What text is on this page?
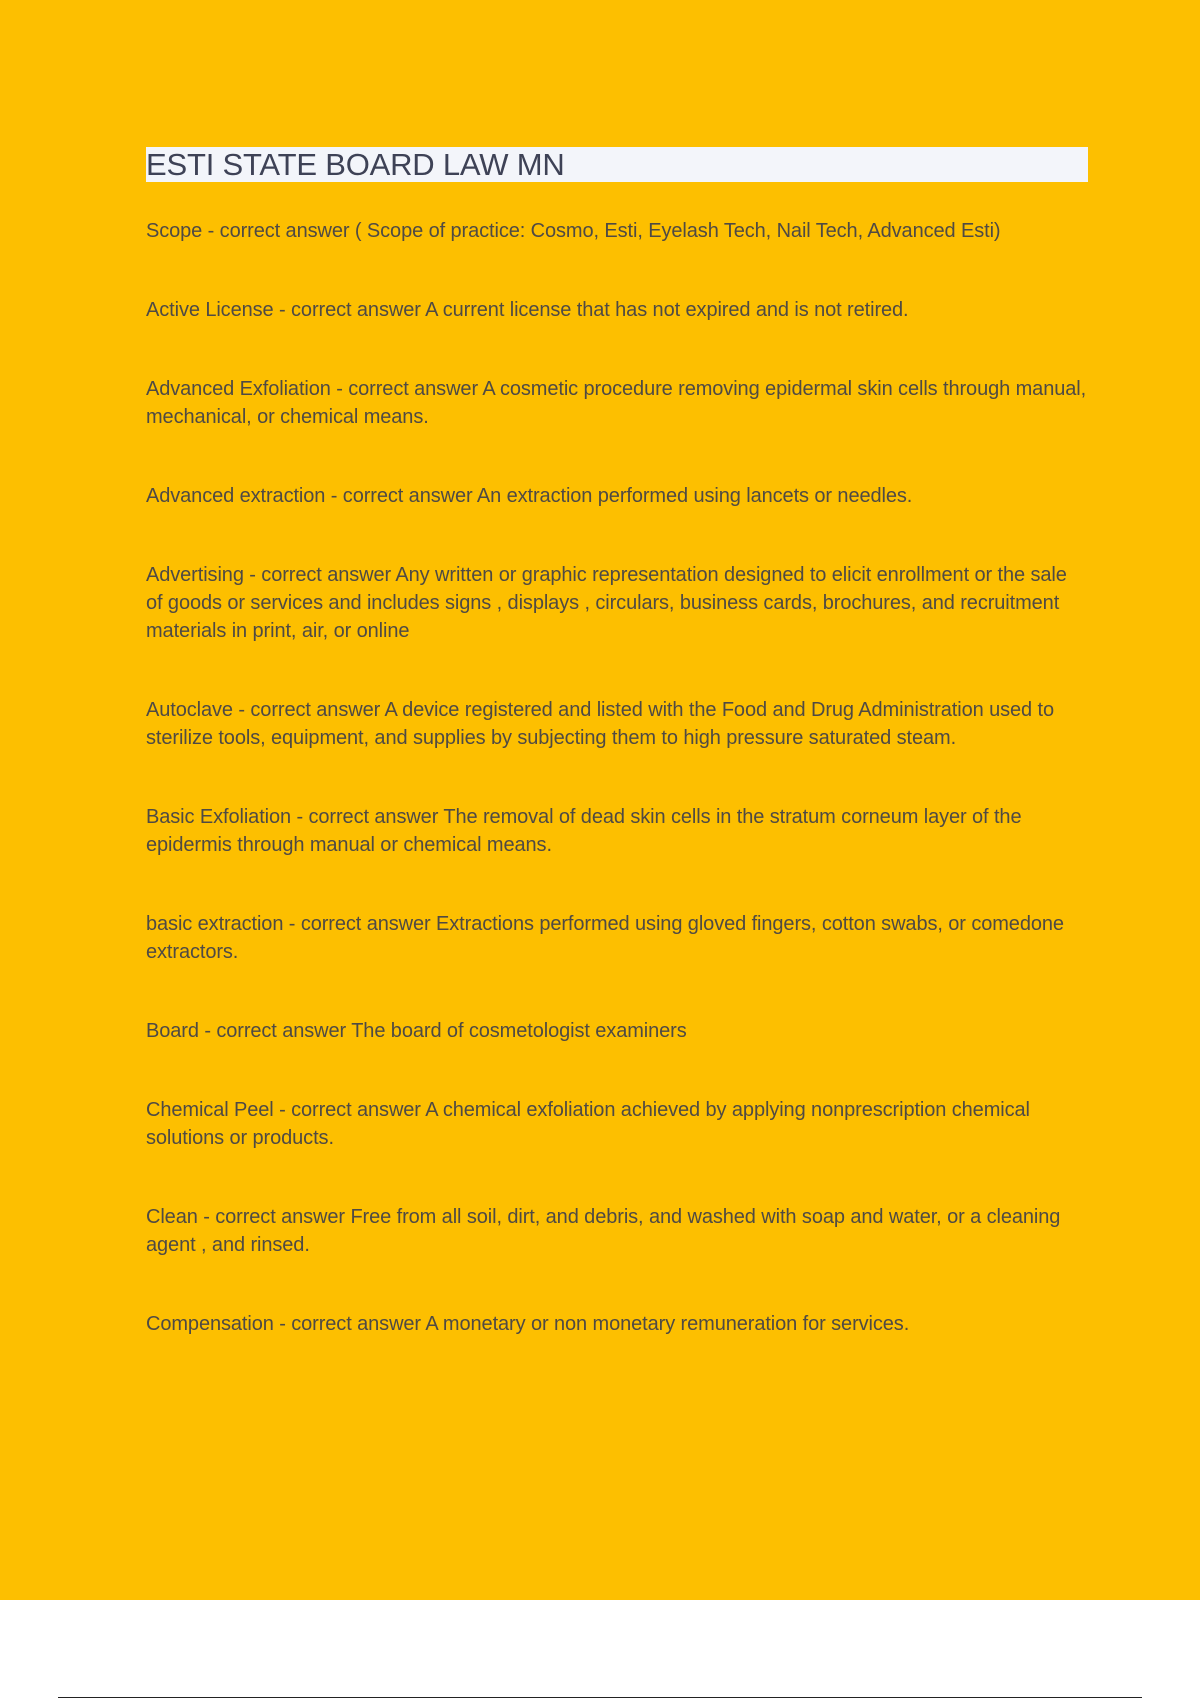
ESTI STATE BOARD LAW MN
Scope - correct answer ( Scope of practice: Cosmo, Esti, Eyelash Tech, Nail Tech, Advanced Esti)
Active License - correct answer A current license that has not expired and is not retired.
Advanced Exfoliation - correct answer A cosmetic procedure removing epidermal skin cells through manual, mechanical, or chemical means.
Advanced extraction - correct answer An extraction performed using lancets or needles.
Advertising - correct answer Any written or graphic representation designed to elicit enrollment or the sale of goods or services and includes signs , displays , circulars, business cards, brochures, and recruitment materials in print, air, or online
Autoclave - correct answer A device registered and listed with the Food and Drug Administration used to sterilize tools, equipment, and supplies by subjecting them to high pressure saturated steam.
Basic Exfoliation - correct answer The removal of dead skin cells in the stratum corneum layer of the epidermis through manual or chemical means.
basic extraction - correct answer Extractions performed using gloved fingers, cotton swabs, or comedone extractors.
Board - correct answer The board of cosmetologist examiners
Chemical Peel - correct answer A chemical exfoliation achieved by applying nonprescription chemical solutions or products.
Clean - correct answer Free from all soil, dirt, and debris, and washed with soap and water, or a cleaning agent , and rinsed.
Compensation - correct answer A monetary or non monetary remuneration for services.
